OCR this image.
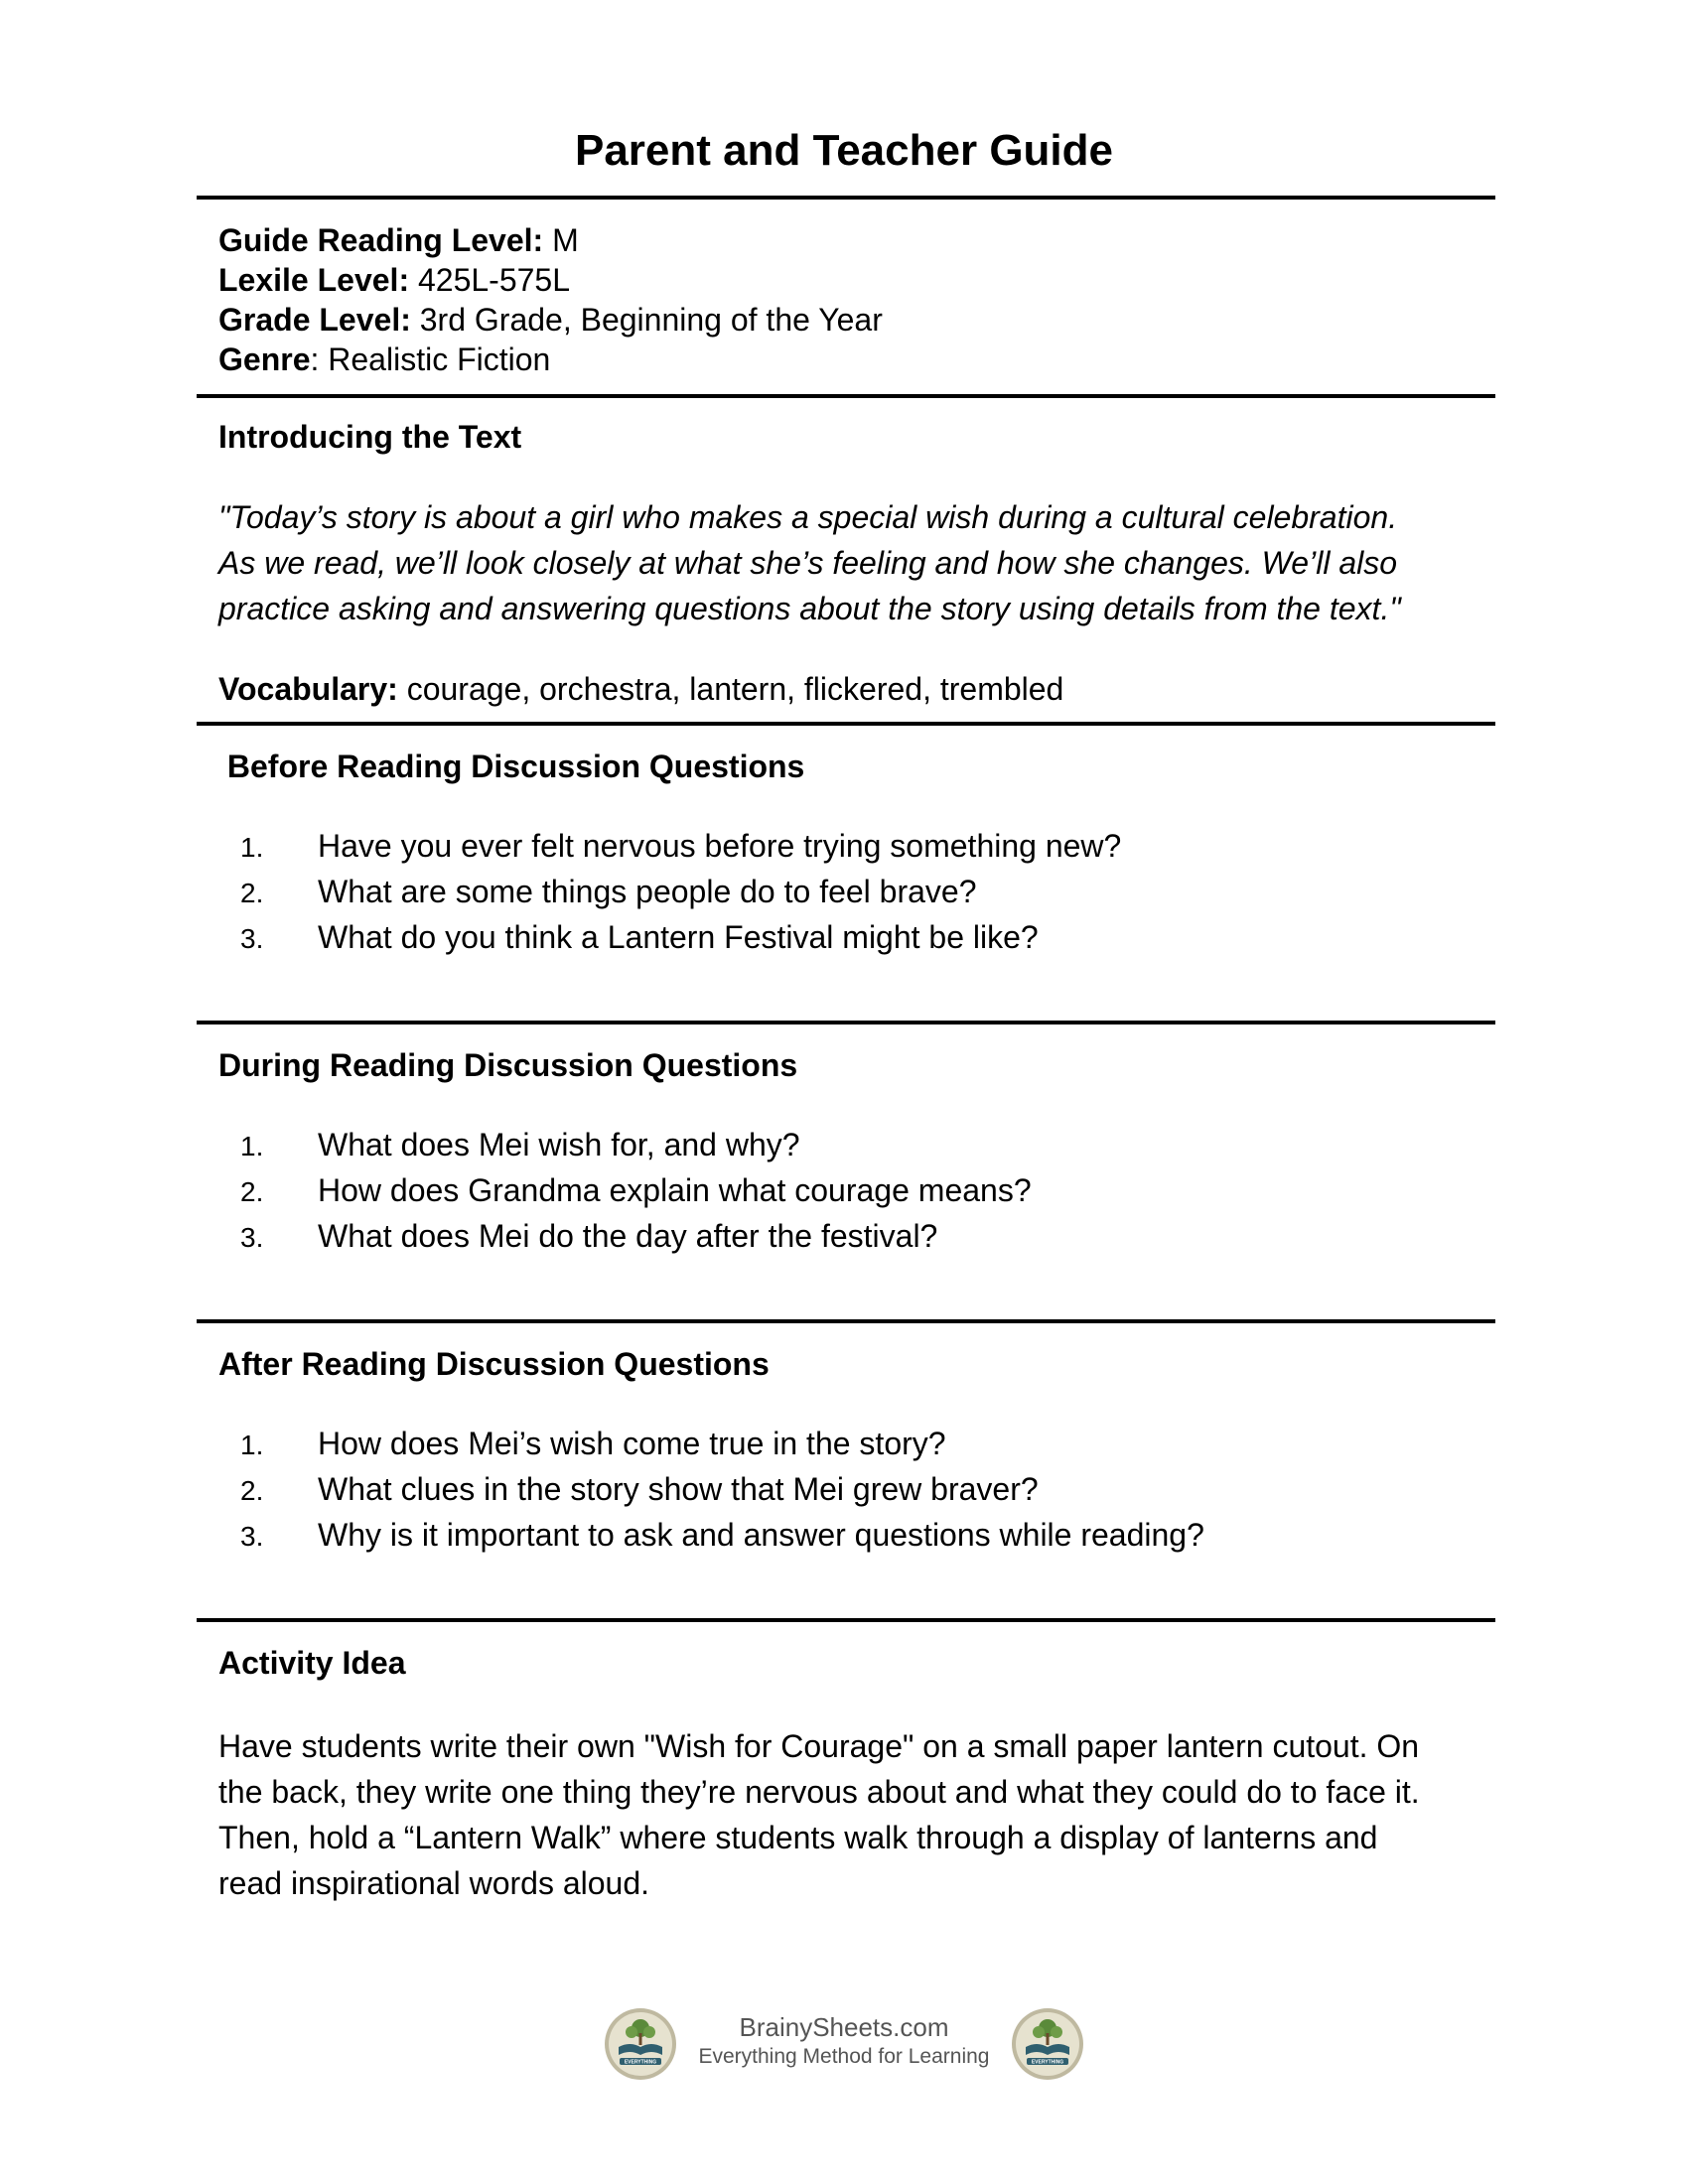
Parent and Teacher Guide
Guide Reading Level: M
Lexile Level: 425L-575L
Grade Level: 3rd Grade, Beginning of the Year
Genre: Realistic Fiction
Introducing the Text
"Today’s story is about a girl who makes a special wish during a cultural celebration.
As we read, we’ll look closely at what she’s feeling and how she changes. We’ll also
practice asking and answering questions about the story using details from the text."
Vocabulary: courage, orchestra, lantern, flickered, trembled
Before Reading Discussion Questions
1. Have you ever felt nervous before trying something new?
2. What are some things people do to feel brave?
3. What do you think a Lantern Festival might be like?
During Reading Discussion Questions
1. What does Mei wish for, and why?
2. How does Grandma explain what courage means?
3. What does Mei do the day after the festival?
After Reading Discussion Questions
1. How does Mei’s wish come true in the story?
2. What clues in the story show that Mei grew braver?
3. Why is it important to ask and answer questions while reading?
Activity Idea
Have students write their own "Wish for Courage" on a small paper lantern cutout. On
the back, they write one thing they’re nervous about and what they could do to face it.
Then, hold a “Lantern Walk” where students walk through a display of lanterns and
read inspirational words aloud.
EVERYTHING
BrainySheets.com
Everything Method for Learning	EVERYTHING
